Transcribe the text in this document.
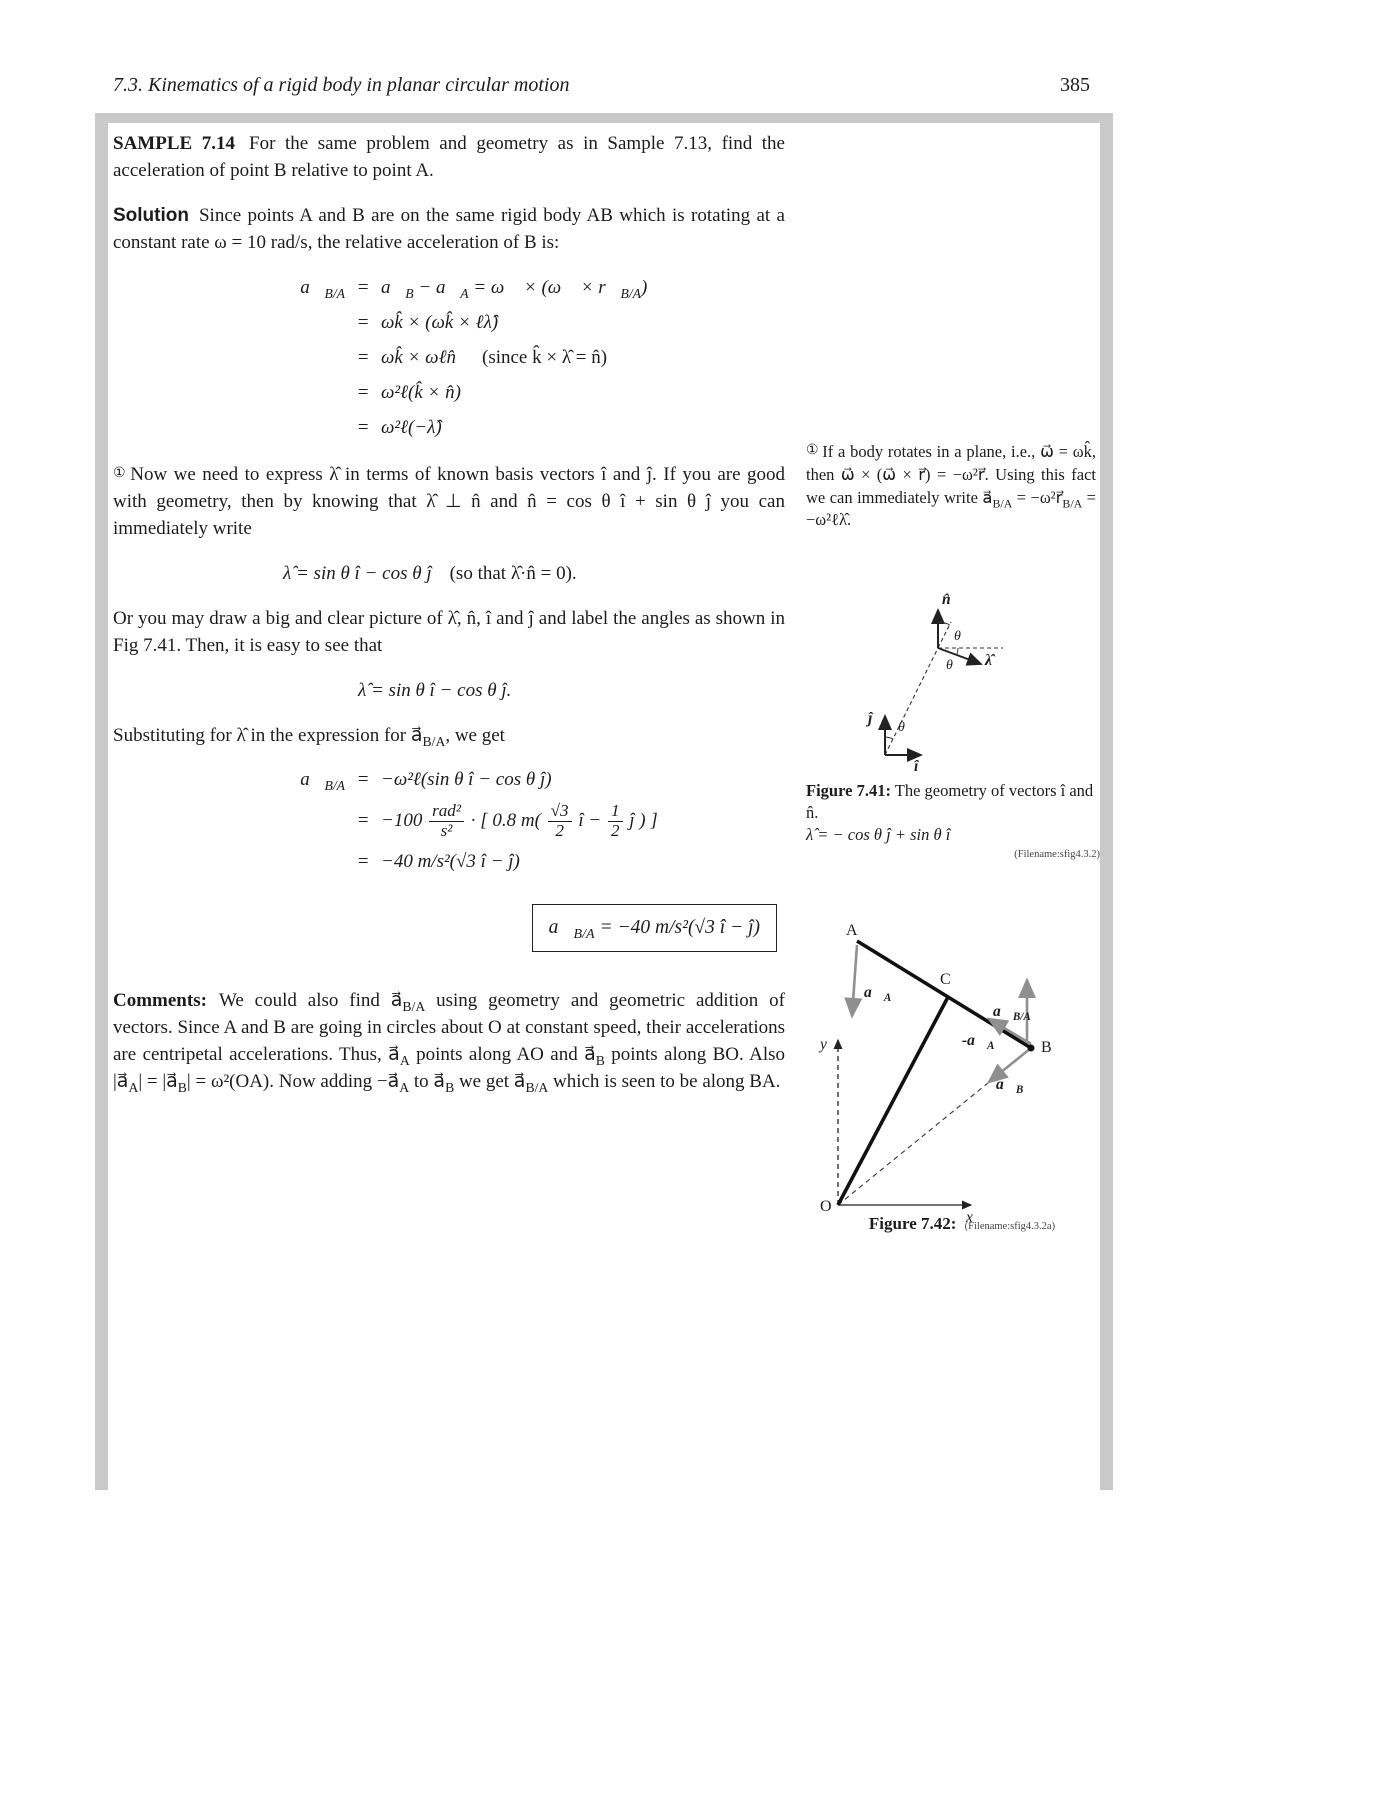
7.3. Kinematics of a rigid body in planar circular motion	385

SAMPLE 7.14 For the same problem and geometry as in Sample 7.13, find the acceleration of point B relative to point A.

Solution Since points A and B are on the same rigid body AB which is rotating at a constant rate ω = 10 rad/s, the relative acceleration of B is:

$a⃗_{B/A}$ = $a⃗_B$ − $a⃗_A$ = ω⃗ × (ω⃗ × $r⃗_{B/A}$)
= ωk̂ × (ωk̂ × ℓλ̂)
= ωk̂ × ωℓn̂ (since k̂ × λ̂ = n̂)
= ω²ℓ(k̂ × n̂)
= ω²ℓ(−λ̂)

① Now we need to express λ̂ in terms of known basis vectors î and ĵ. If you are good with geometry, then by knowing that λ̂ ⊥ n̂ and n̂ = cos θ î + sin θ ĵ you can immediately write

λ̂ = sin θ î − cos θ ĵ (so that λ̂·n̂ = 0).

Or you may draw a big and clear picture of λ̂, n̂, î and ĵ and label the angles as shown in Fig 7.41. Then, it is easy to see that

λ̂ = sin θ î − cos θ ĵ.

Substituting for λ̂ in the expression for $a⃗_{B/A}$, we get

$a⃗_{B/A}$ = −ω²ℓ(sin θ î − cos θ ĵ)
= $-100 \frac{\text{rad²}}{\text{s²}}$ · [ 0.8 $m( \frac{√3}{2}$ î − $\frac{1}{2}$ ĵ ) ]
= −40 m/s²(√3 î − ĵ)
$a⃗_{B/A} = -40$ m/s²(√3 î − ĵ)

Comments: We could also find $a⃗_{B/A}$ using geometry and geometric addition of vectors. Since A and B are going in circles about O at constant speed, their accelerations are centripetal accelerations. Thus, $a⃗_A$ points along AO and $a⃗_B$ points along BO. Also $|a⃗_A|$ = $|a⃗_B| = \omega^2(OA)$. Now adding $-a⃗_A$ to $a⃗_B$ we get $a⃗_{B/A}$ which is seen to be along BA.

① If a body rotates in a plane, i.e., ω⃗ = ωk̂, then ω⃗ × (ω⃗ × r⃗) = −ω²r⃗. Using this fact we can immediately write $a⃗_{B/A}$ = $-\omega^2r⃗_{B/A}$ = −ω²ℓλ̂.
n̂
λ̂
θ
θ
ĵ
î
θ
Figure 7.41: The geometry of vectors î and n̂.
λ̂ = − cos θ ĵ + sin θ î
(Filename:sfig4.3.2)
A
B
C
O
y
x
$a⃗_A$
$a⃗_{B/A}$
$-a⃗_A$
$a⃗_B$
Figure 7.42: (Filename:sfig4.3.2a)
